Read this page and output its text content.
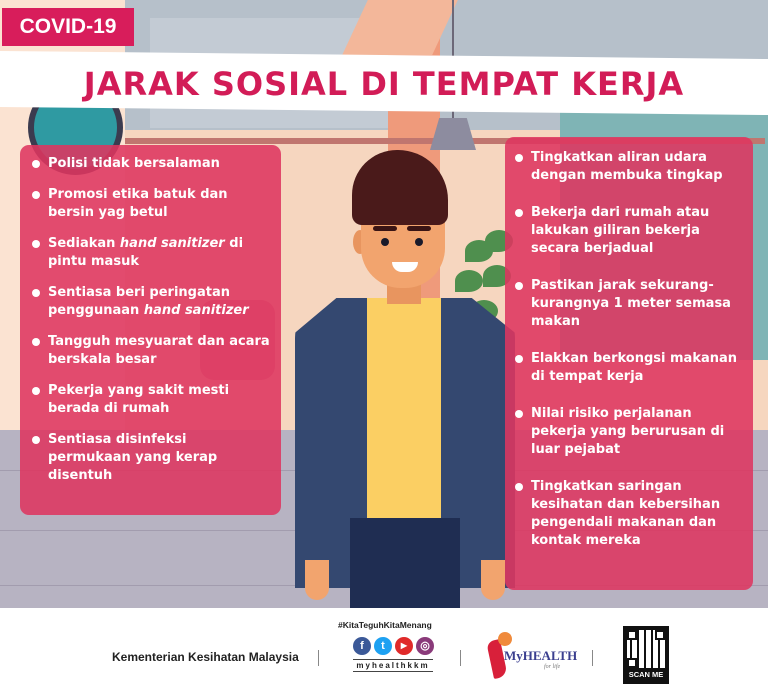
COVID-19
JARAK SOSIAL DI TEMPAT KERJA
Polisi tidak bersalaman
Promosi etika batuk dan bersin yag betul
Sediakan hand sanitizer di pintu masuk
Sentiasa beri peringatan penggunaan hand sanitizer
Tangguh mesyuarat dan acara berskala besar
Pekerja yang sakit mesti berada di rumah
Sentiasa disinfeksi permukaan yang kerap disentuh
Tingkatkan aliran udara dengan membuka tingkap
Bekerja dari rumah atau lakukan giliran bekerja secara berjadual
Pastikan jarak sekurang-kurangnya 1 meter semasa makan
Elakkan berkongsi makanan di tempat kerja
Nilai risiko perjalanan pekerja yang berurusan di luar pejabat
Tingkatkan saringan kesihatan dan kebersihan pengendali makanan dan kontak mereka
Kementerian Kesihatan Malaysia
#KitaTeguhKitaMenang
f	t	▶	◎
myhealthkkm
MyHEALTH
for life
SCAN ME
